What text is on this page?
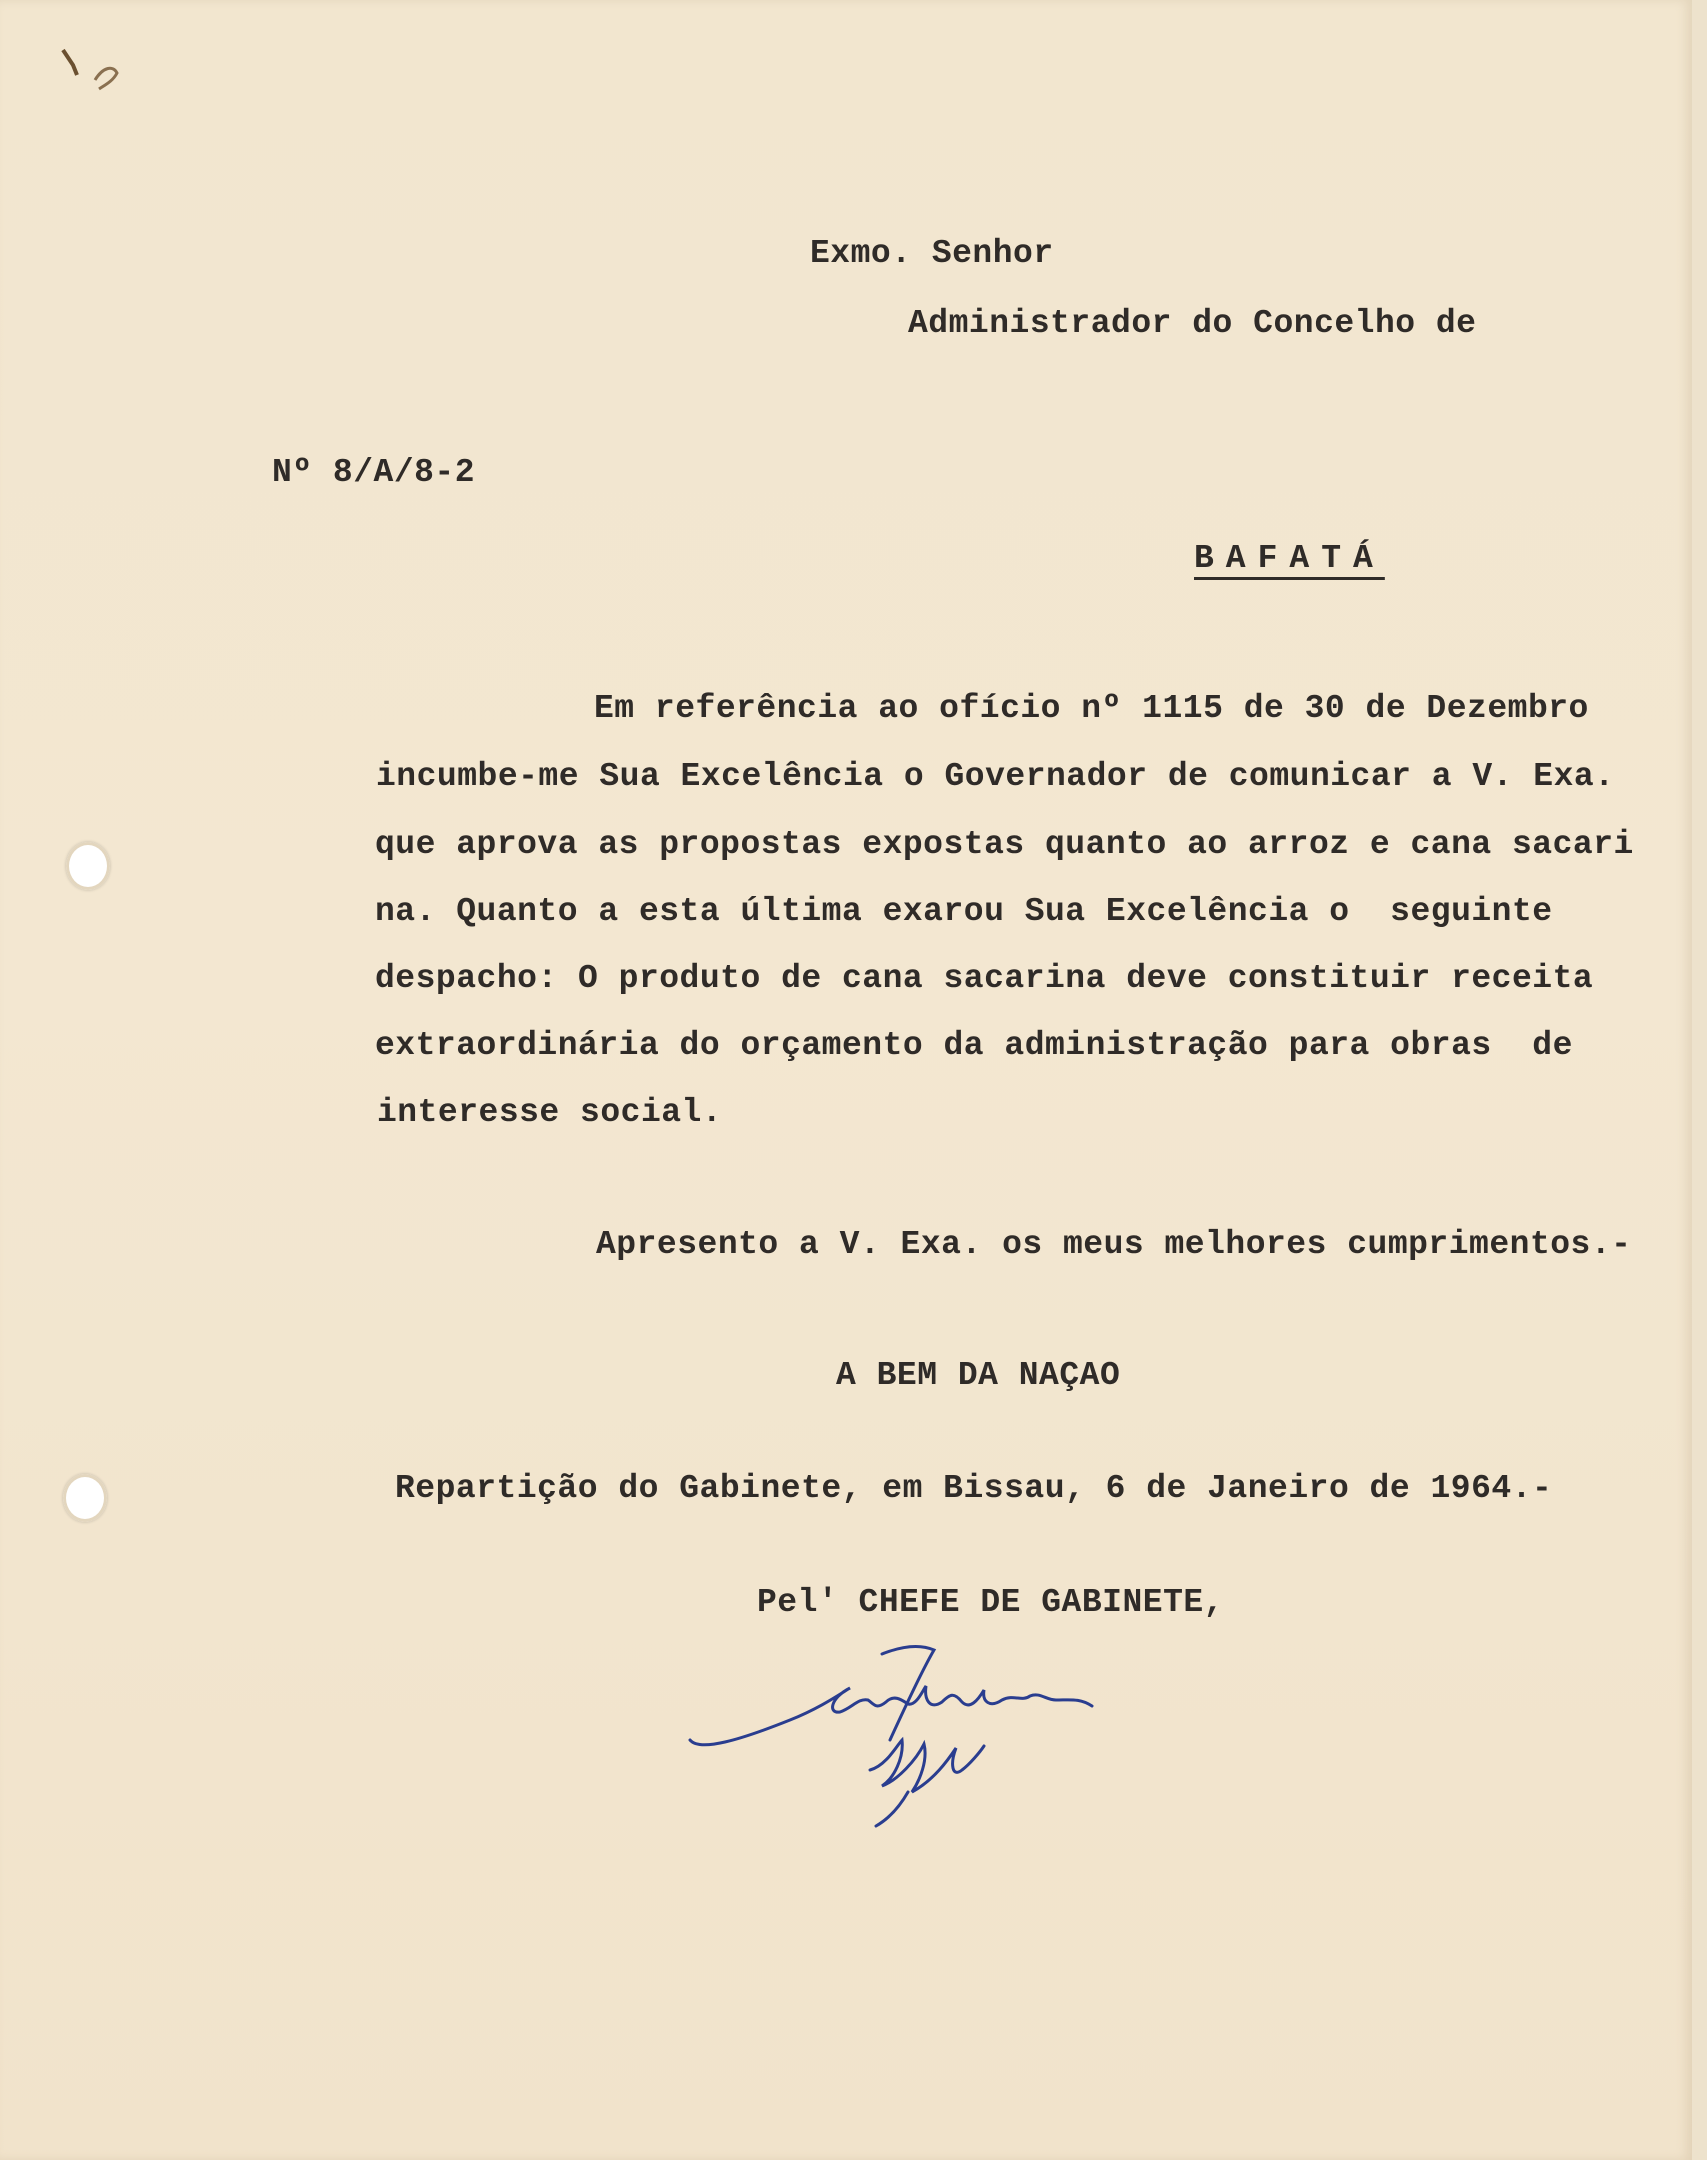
Exmo. Senhor
Administrador do Concelho de
Nº 8/A/8-2
BAFATÁ
Em referência ao ofício nº 1115 de 30 de Dezembro
incumbe-me Sua Excelência o Governador de comunicar a V. Exa.
que aprova as propostas expostas quanto ao arroz e cana sacari
na. Quanto a esta última exarou Sua Excelência o  seguinte
despacho: O produto de cana sacarina deve constituir receita
extraordinária do orçamento da administração para obras  de
interesse social.
Apresento a V. Exa. os meus melhores cumprimentos.-
A BEM DA NAÇAO
Repartição do Gabinete, em Bissau, 6 de Janeiro de 1964.-
Pel' CHEFE DE GABINETE,
